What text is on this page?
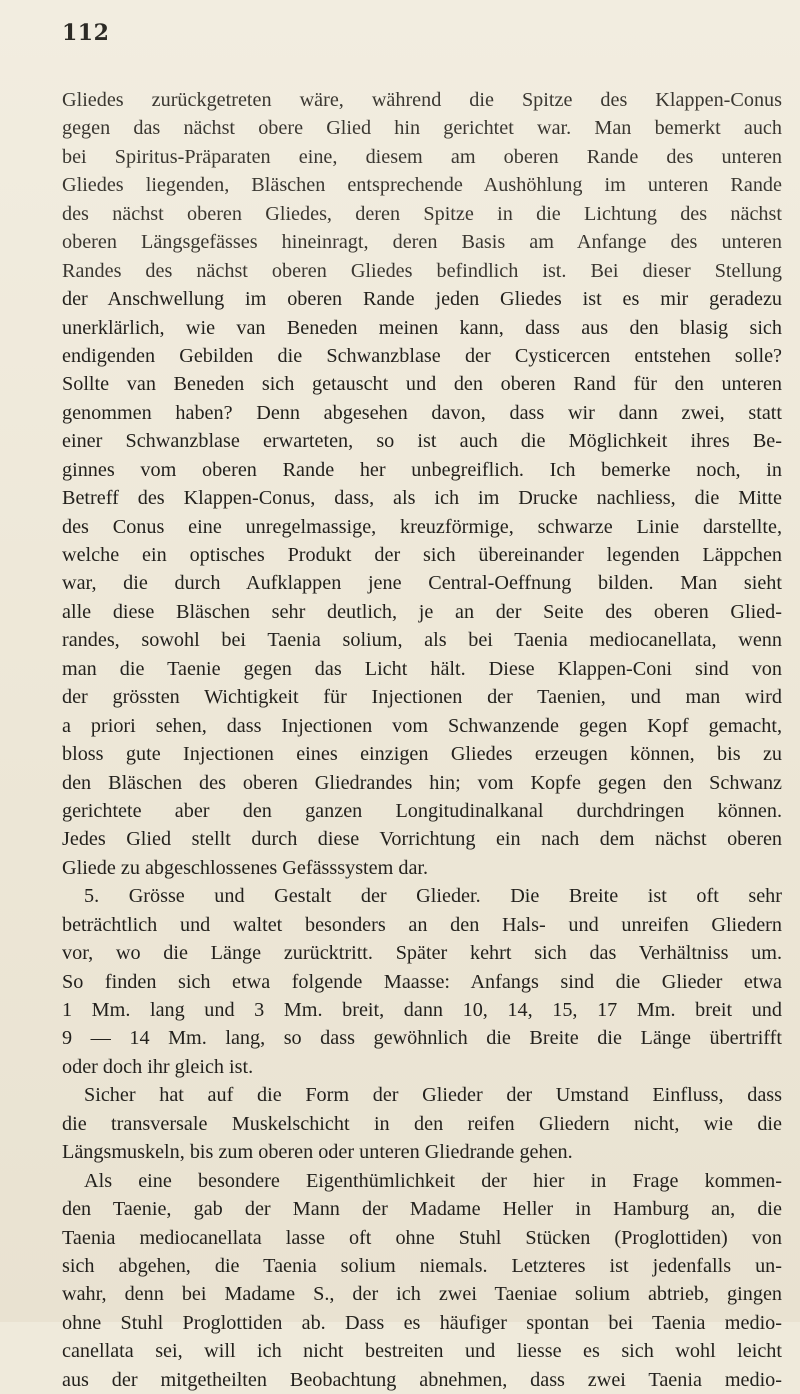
112
Gliedes zurückgetreten wäre, während die Spitze des Klappen-Conus
gegen das nächst obere Glied hin gerichtet war. Man bemerkt auch
bei Spiritus-Präparaten eine, diesem am oberen Rande des unteren
Gliedes liegenden, Bläschen entsprechende Aushöhlung im unteren Rande
des nächst oberen Gliedes, deren Spitze in die Lichtung des nächst
oberen Längsgefässes hineinragt, deren Basis am Anfange des unteren
Randes des nächst oberen Gliedes befindlich ist. Bei dieser Stellung
der Anschwellung im oberen Rande jeden Gliedes ist es mir geradezu
unerklärlich, wie van Beneden meinen kann, dass aus den blasig sich
endigenden Gebilden die Schwanzblase der Cysticercen entstehen solle?
Sollte van Beneden sich getauscht und den oberen Rand für den unteren
genommen haben? Denn abgesehen davon, dass wir dann zwei, statt
einer Schwanzblase erwarteten, so ist auch die Möglichkeit ihres Be-
ginnes vom oberen Rande her unbegreiflich. Ich bemerke noch, in
Betreff des Klappen-Conus, dass, als ich im Drucke nachliess, die Mitte
des Conus eine unregelmassige, kreuzförmige, schwarze Linie darstellte,
welche ein optisches Produkt der sich übereinander legenden Läppchen
war, die durch Aufklappen jene Central-Oeffnung bilden. Man sieht
alle diese Bläschen sehr deutlich, je an der Seite des oberen Glied-
randes, sowohl bei Taenia solium, als bei Taenia mediocanellata, wenn
man die Taenie gegen das Licht hält. Diese Klappen-Coni sind von
der grössten Wichtigkeit für Injectionen der Taenien, und man wird
a priori sehen, dass Injectionen vom Schwanzende gegen Kopf gemacht,
bloss gute Injectionen eines einzigen Gliedes erzeugen können, bis zu
den Bläschen des oberen Gliedrandes hin; vom Kopfe gegen den Schwanz
gerichtete aber den ganzen Longitudinalkanal durchdringen können.
Jedes Glied stellt durch diese Vorrichtung ein nach dem nächst oberen
Gliede zu abgeschlossenes Gefässsystem dar.
5. Grösse und Gestalt der Glieder. Die Breite ist oft sehr
beträchtlich und waltet besonders an den Hals- und unreifen Gliedern
vor, wo die Länge zurücktritt. Später kehrt sich das Verhältniss um.
So finden sich etwa folgende Maasse: Anfangs sind die Glieder etwa
1 Mm. lang und 3 Mm. breit, dann 10, 14, 15, 17 Mm. breit und
9 — 14 Mm. lang, so dass gewöhnlich die Breite die Länge übertrifft
oder doch ihr gleich ist.
Sicher hat auf die Form der Glieder der Umstand Einfluss, dass
die transversale Muskelschicht in den reifen Gliedern nicht, wie die
Längsmuskeln, bis zum oberen oder unteren Gliedrande gehen.
Als eine besondere Eigenthümlichkeit der hier in Frage kommen-
den Taenie, gab der Mann der Madame Heller in Hamburg an, die
Taenia mediocanellata lasse oft ohne Stuhl Stücken (Proglottiden) von
sich abgehen, die Taenia solium niemals. Letzteres ist jedenfalls un-
wahr, denn bei Madame S., der ich zwei Taeniae solium abtrieb, gingen
ohne Stuhl Proglottiden ab. Dass es häufiger spontan bei Taenia medio-
canellata sei, will ich nicht bestreiten und liesse es sich wohl leicht
aus der mitgetheilten Beobachtung abnehmen, dass zwei Taenia medio-
